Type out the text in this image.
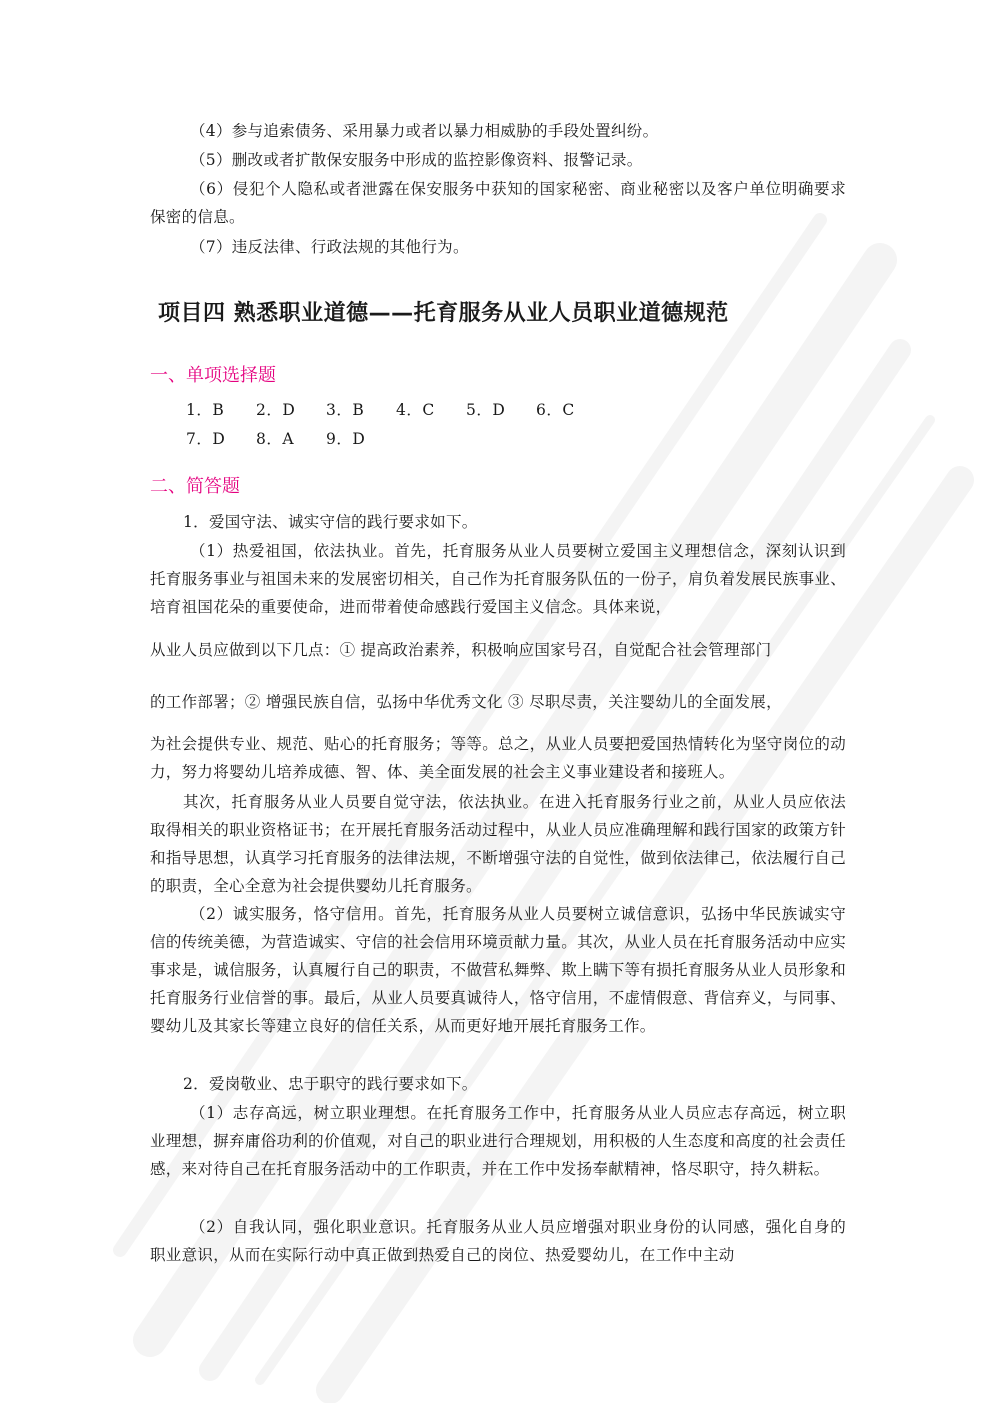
（4）参与追索债务、采用暴力或者以暴力相威胁的手段处置纠纷。

（5）删改或者扩散保安服务中形成的监控影像资料、报警记录。

（6）侵犯个人隐私或者泄露在保安服务中获知的国家秘密、商业秘密以及客户单位明确要求保密的信息。

（7）违反法律、行政法规的其他行为。

项目四 熟悉职业道德——托育服务从业人员职业道德规范
一、单项选择题
1．B 2．D 3．B 4．C 5．D 6．C
7．D 8．A 9．D
二、简答题

1．爱国守法、诚实守信的践行要求如下。

（1）热爱祖国，依法执业。首先，托育服务从业人员要树立爱国主义理想信念，深刻认识到托育服务事业与祖国未来的发展密切相关，自己作为托育服务队伍的一份子，肩负着发展民族事业、培育祖国花朵的重要使命，进而带着使命感践行爱国主义信念。具体来说，

从业人员应做到以下几点：① 提高政治素养，积极响应国家号召，自觉配合社会管理部门

的工作部署；② 增强民族自信，弘扬中华优秀文化 ③ 尽职尽责，关注婴幼儿的全面发展，

为社会提供专业、规范、贴心的托育服务；等等。总之，从业人员要把爱国热情转化为坚守岗位的动力，努力将婴幼儿培养成德、智、体、美全面发展的社会主义事业建设者和接班人。

其次，托育服务从业人员要自觉守法，依法执业。在进入托育服务行业之前，从业人员应依法取得相关的职业资格证书；在开展托育服务活动过程中，从业人员应准确理解和践行国家的政策方针和指导思想，认真学习托育服务的法律法规，不断增强守法的自觉性，做到依法律己，依法履行自己的职责，全心全意为社会提供婴幼儿托育服务。

（2）诚实服务，恪守信用。首先，托育服务从业人员要树立诚信意识，弘扬中华民族诚实守信的传统美德，为营造诚实、守信的社会信用环境贡献力量。其次，从业人员在托育服务活动中应实事求是，诚信服务，认真履行自己的职责，不做营私舞弊、欺上瞒下等有损托育服务从业人员形象和托育服务行业信誉的事。最后，从业人员要真诚待人，恪守信用，不虚情假意、背信弃义，与同事、婴幼儿及其家长等建立良好的信任关系，从而更好地开展托育服务工作。

2．爱岗敬业、忠于职守的践行要求如下。

（1）志存高远，树立职业理想。在托育服务工作中，托育服务从业人员应志存高远，树立职业理想，摒弃庸俗功利的价值观，对自己的职业进行合理规划，用积极的人生态度和高度的社会责任感，来对待自己在托育服务活动中的工作职责，并在工作中发扬奉献精神，恪尽职守，持久耕耘。

（2）自我认同，强化职业意识。托育服务从业人员应增强对职业身份的认同感，强化自身的职业意识，从而在实际行动中真正做到热爱自己的岗位、热爱婴幼儿，在工作中主动
